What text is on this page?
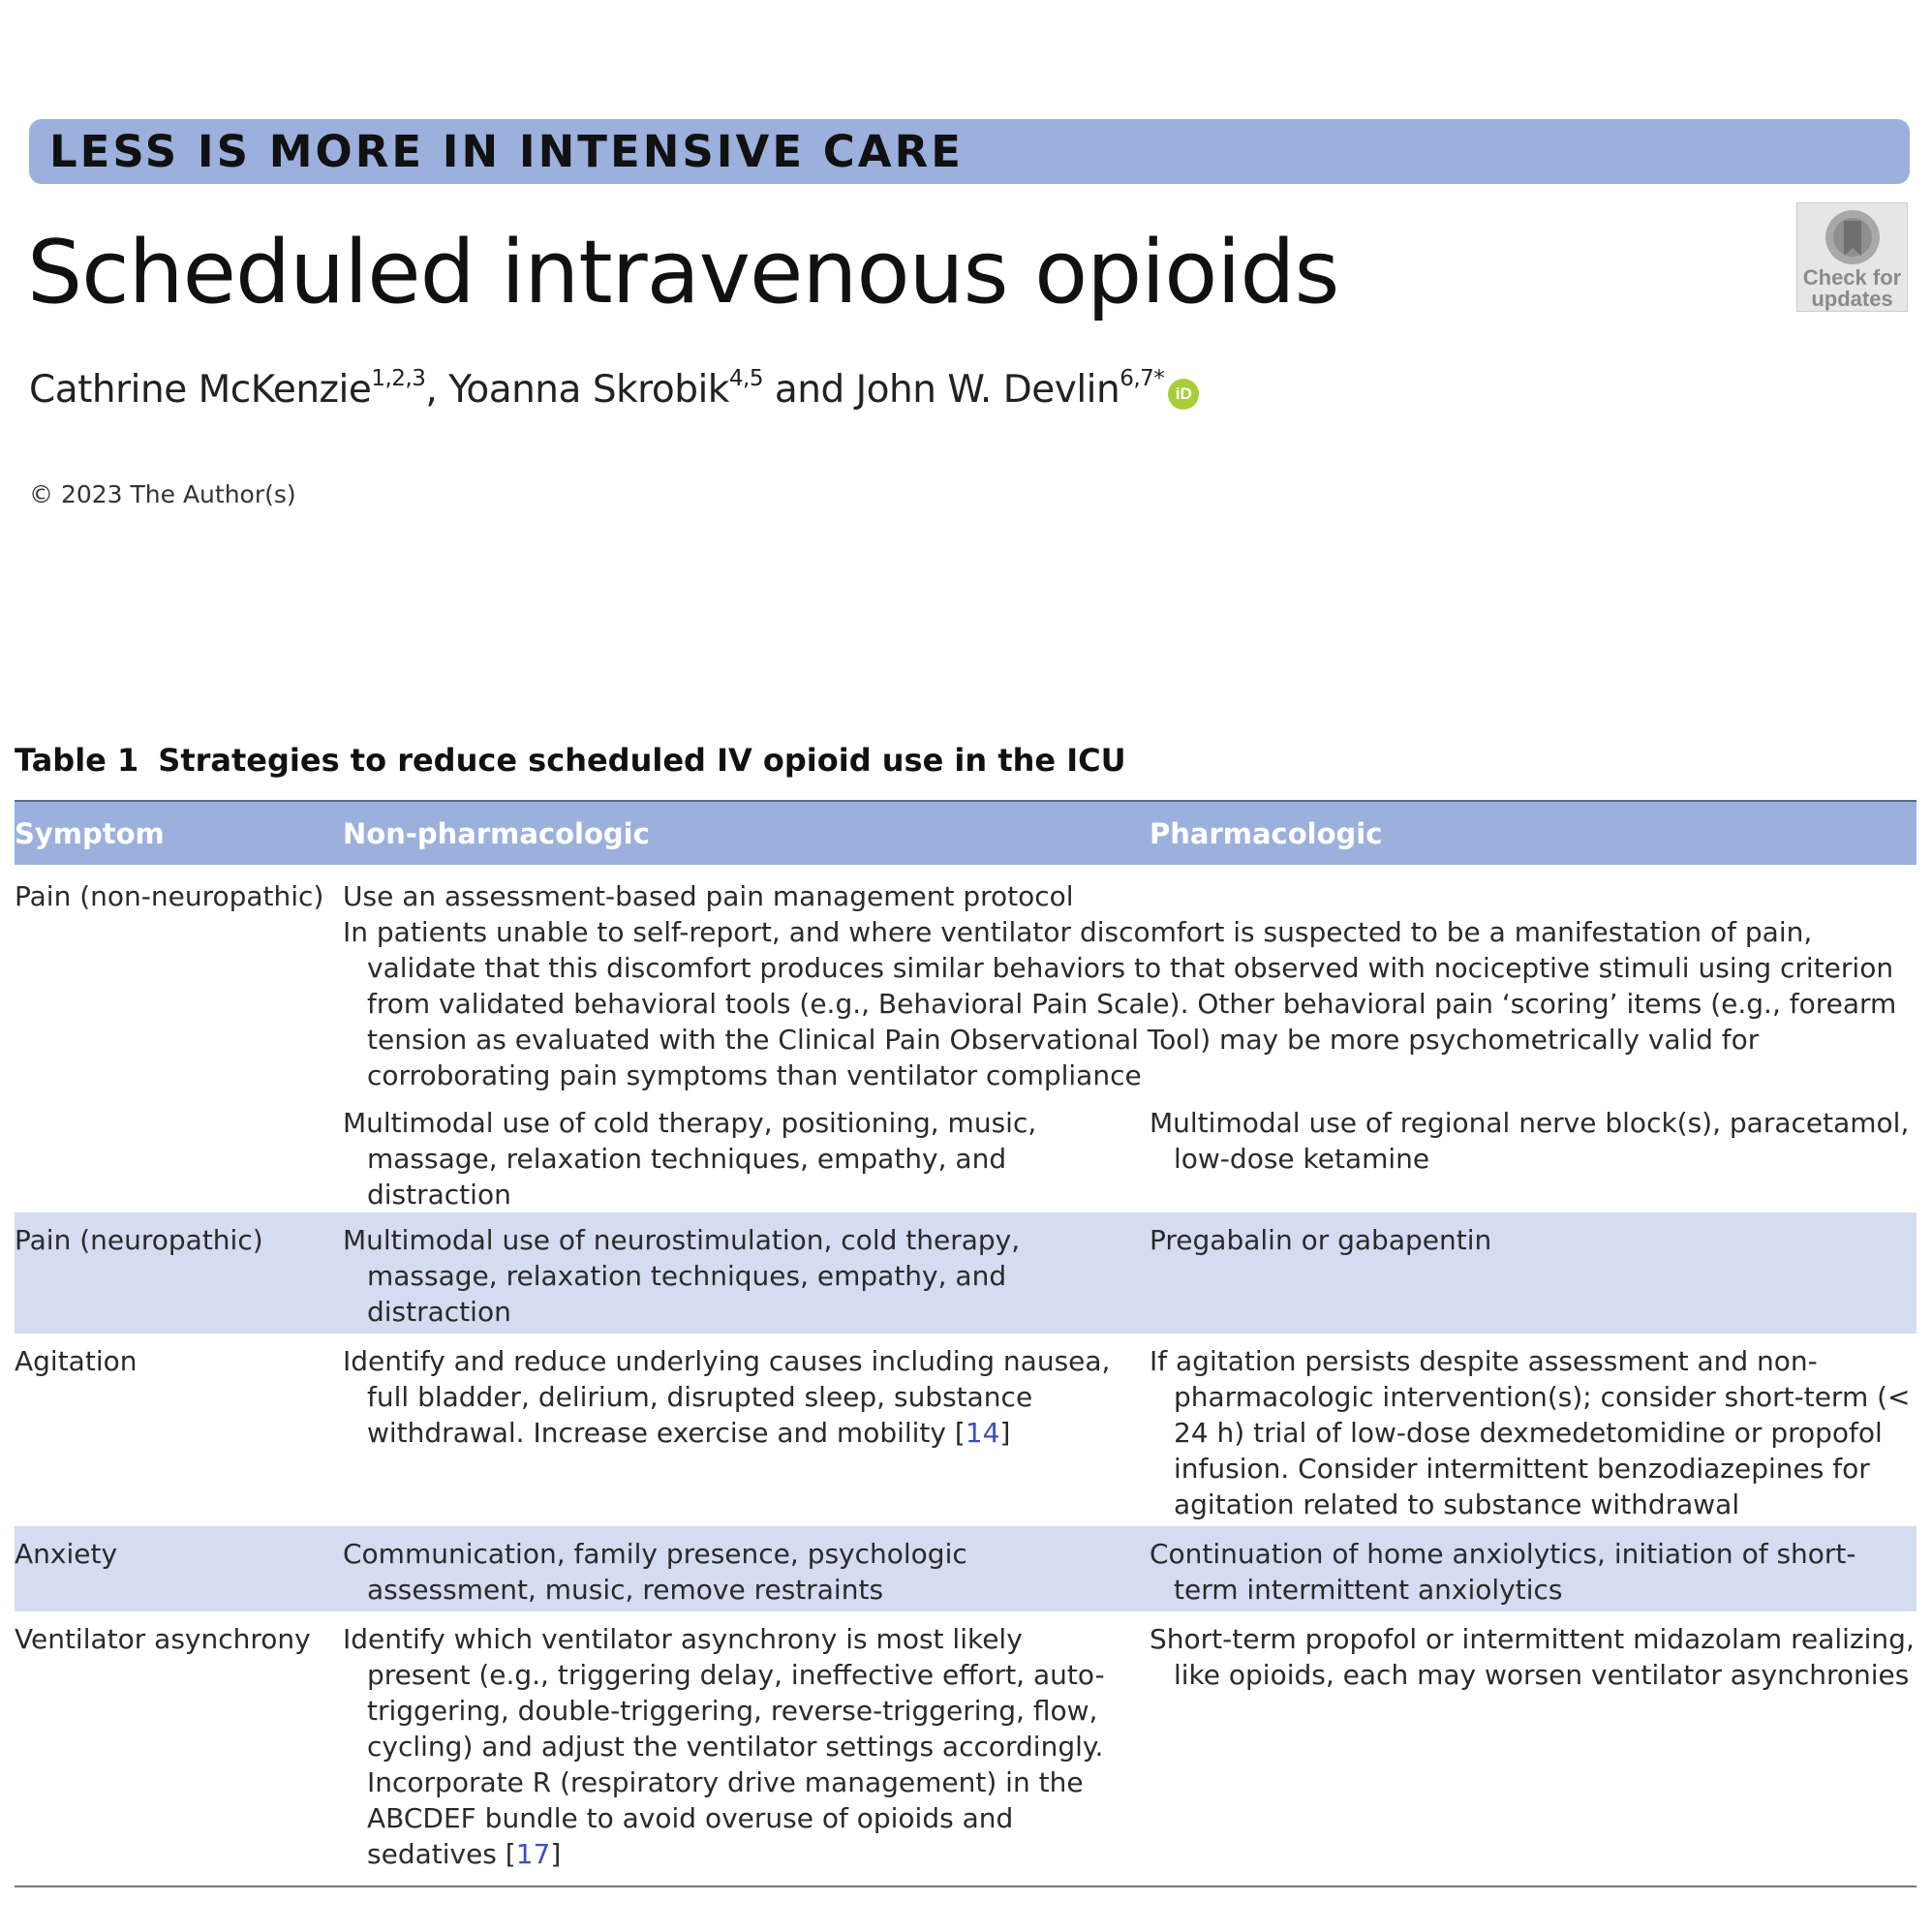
LESS IS MORE IN INTENSIVE CARE
Scheduled intravenous opioids	Check for
updates
Cathrine McKenzie$^{1,2,3}$, Yoanna Skrobik$^{4,5}$ and John W. Devlin$^{6,7*}$iD
© 2023 The Author(s)
Table 1 Strategies to reduce scheduled IV opioid use in the ICU
Symptom	Non-pharmacologic	Pharmacologic
Pain (non-neuropathic)	Use an assessment-based pain management protocol
In patients unable to self-report, and where ventilator discomfort is suspected to be a manifestation of pain, validate that this discomfort produces similar behaviors to that observed with nociceptive stimuli using criterion from validated behavioral tools (e.g., Behavioral Pain Scale). Other behavioral pain ‘scoring’ items (e.g., forearm tension as evaluated with the Clinical Pain Observational Tool) may be more psychometrically valid for corroborating pain symptoms than ventilator compliance	

	Multimodal use of cold therapy, positioning, music, massage, relaxation techniques, empathy, and distraction	Multimodal use of regional nerve block(s), paracetamol, low-dose ketamine

Pain (neuropathic)	Multimodal use of neurostimulation, cold therapy, massage, relaxation techniques, empathy, and distraction	Pregabalin or gabapentin

Agitation	Identify and reduce underlying causes including nausea, full bladder, delirium, disrupted sleep, substance withdrawal. Increase exercise and mobility [14]	If agitation persists despite assessment and non-pharmacologic intervention(s); consider short-term (< 24 h) trial of low-dose dexmedetomidine or propofol infusion. Consider intermittent benzodiazepines for agitation related to substance withdrawal

Anxiety	Communication, family presence, psychologic assessment, music, remove restraints	Continuation of home anxiolytics, initiation of short-term intermittent anxiolytics

Ventilator asynchrony	Identify which ventilator asynchrony is most likely present (e.g., triggering delay, ineffective effort, auto-triggering, double-triggering, reverse-triggering, flow, cycling) and adjust the ventilator settings accordingly. Incorporate R (respiratory drive management) in the ABCDEF bundle to avoid overuse of opioids and sedatives [17]	Short-term propofol or intermittent midazolam realizing, like opioids, each may worsen ventilator asynchronies
